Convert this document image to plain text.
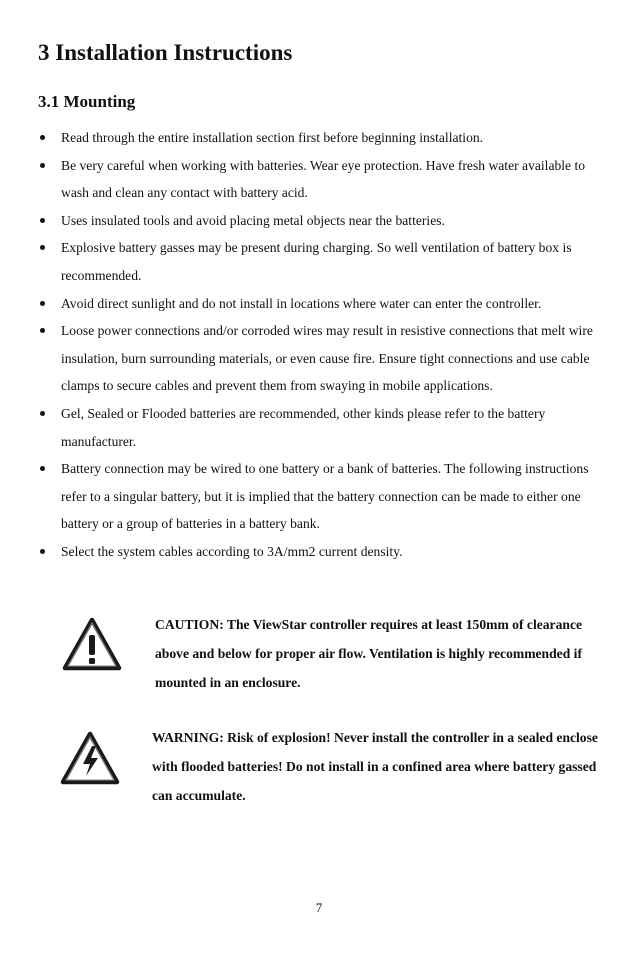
3 Installation Instructions
3.1 Mounting
Read through the entire installation section first before beginning installation.
Be very careful when working with batteries. Wear eye protection. Have fresh water available to wash and clean any contact with battery acid.
Uses insulated tools and avoid placing metal objects near the batteries.
Explosive battery gasses may be present during charging. So well ventilation of battery box is recommended.
Avoid direct sunlight and do not install in locations where water can enter the controller.
Loose power connections and/or corroded wires may result in resistive connections that melt wire insulation, burn surrounding materials, or even cause fire. Ensure tight connections and use cable clamps to secure cables and prevent them from swaying in mobile applications.
Gel, Sealed or Flooded batteries are recommended, other kinds please refer to the battery manufacturer.
Battery connection may be wired to one battery or a bank of batteries. The following instructions refer to a singular battery, but it is implied that the battery connection can be made to either one battery or a group of batteries in a battery bank.
Select the system cables according to 3A/mm2 current density.
CAUTION: The ViewStar controller requires at least 150mm of clearance above and below for proper air flow. Ventilation is highly recommended if mounted in an enclosure.
WARNING: Risk of explosion! Never install the controller in a sealed enclose with flooded batteries! Do not install in a confined area where battery gassed can accumulate.
7
